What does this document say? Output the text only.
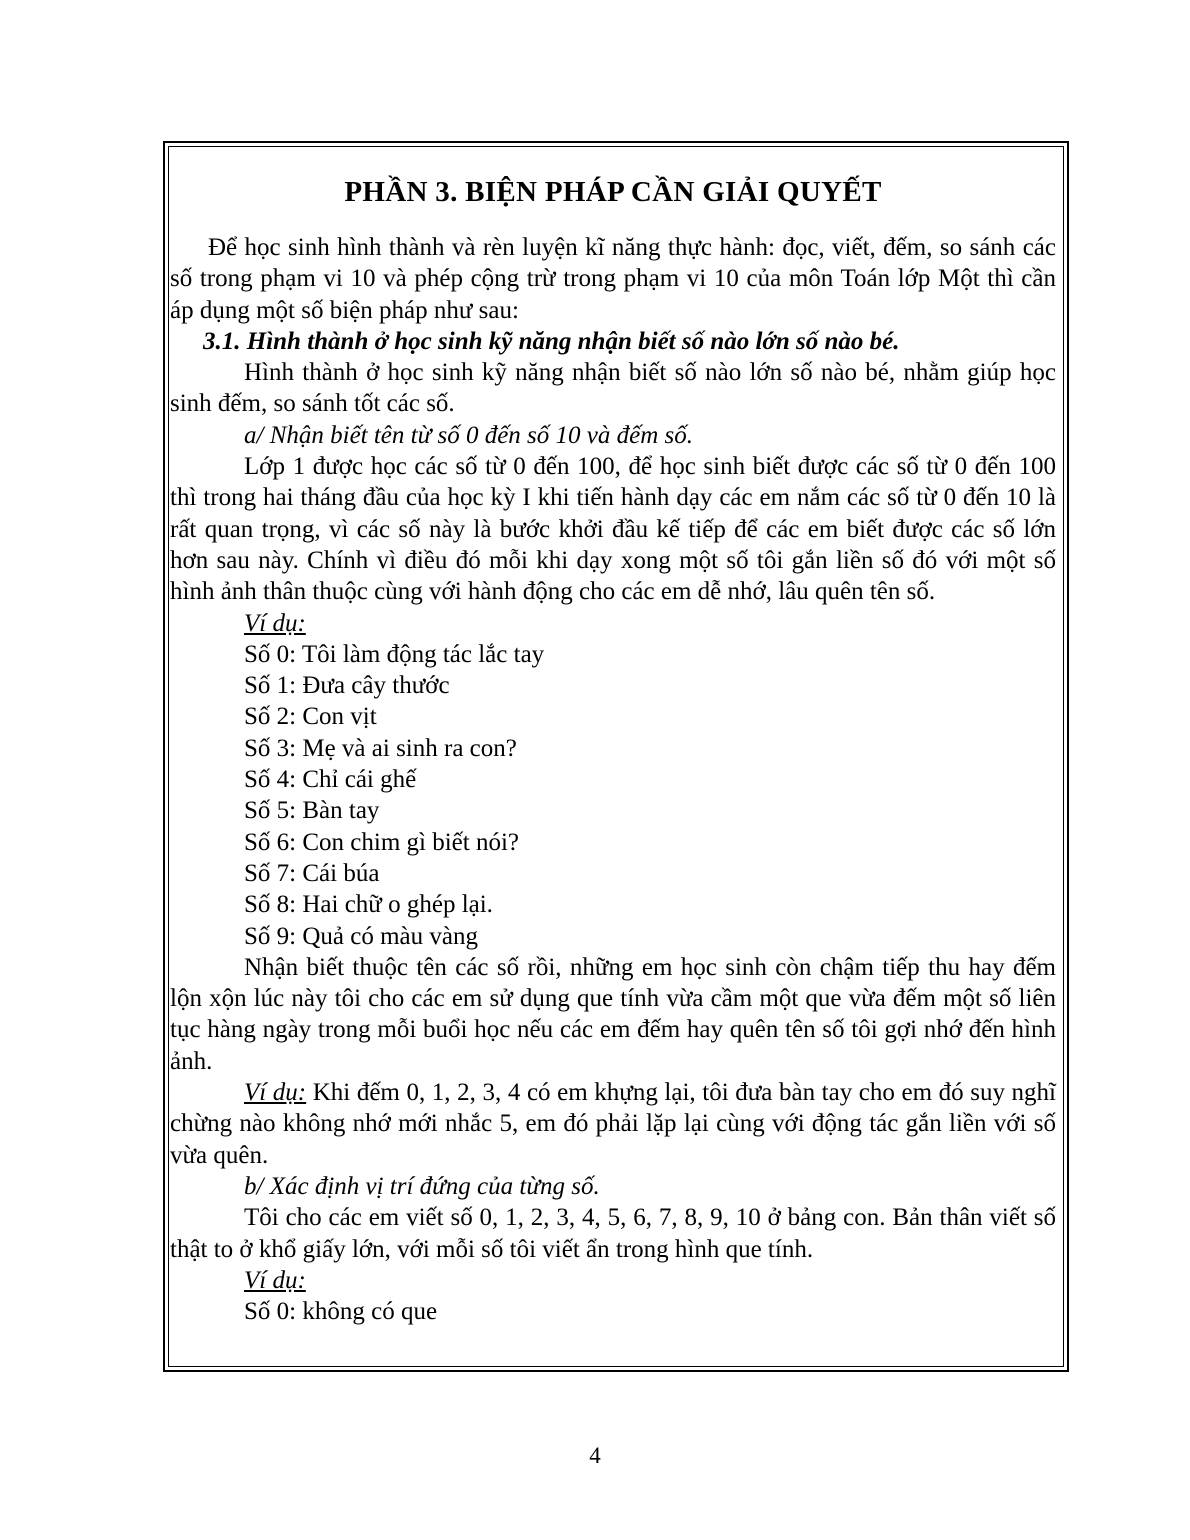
PHẦN 3. BIỆN PHÁP CẦN GIẢI QUYẾT

Để học sinh hình thành và rèn luyện kĩ năng thực hành: đọc, viết, đếm, so sánh các số trong phạm vi 10 và phép cộng trừ trong phạm vi 10 của môn Toán lớp Một thì cần áp dụng một số biện pháp như sau:

3.1. Hình thành ở học sinh kỹ năng nhận biết số nào lớn số nào bé.

Hình thành ở học sinh kỹ năng nhận biết số nào lớn số nào bé, nhằm giúp học sinh đếm, so sánh tốt các số.

a/ Nhận biết tên từ số 0 đến số 10 và đếm số.

Lớp 1 được học các số từ 0 đến 100, để học sinh biết được các số từ 0 đến 100 thì trong hai tháng đầu của học kỳ I khi tiến hành dạy các em nắm các số từ 0 đến 10 là rất quan trọng, vì các số này là bước khởi đầu kế tiếp để các em biết được các số lớn hơn sau này. Chính vì điều đó mỗi khi dạy xong một số tôi gắn liền số đó với một số hình ảnh thân thuộc cùng với hành động cho các em dễ nhớ, lâu quên tên số.

Ví dụ:

Số 0: Tôi làm động tác lắc tay

Số 1: Đưa cây thước

Số 2: Con vịt

Số 3: Mẹ và ai sinh ra con?

Số 4: Chỉ cái ghế

Số 5: Bàn tay

Số 6: Con chim gì biết nói?

Số 7: Cái búa

Số 8: Hai chữ o ghép lại.

Số 9: Quả có màu vàng

Nhận biết thuộc tên các số rồi, những em học sinh còn chậm tiếp thu hay đếm lộn xộn lúc này tôi cho các em sử dụng que tính vừa cầm một que vừa đếm một số liên tục hàng ngày trong mỗi buổi học nếu các em đếm hay quên tên số tôi gợi nhớ đến hình ảnh.

Ví dụ: Khi đếm 0, 1, 2, 3, 4 có em khựng lại, tôi đưa bàn tay cho em đó suy nghĩ chừng nào không nhớ mới nhắc 5, em đó phải lặp lại cùng với động tác gắn liền với số vừa quên.

b/ Xác định vị trí đứng của từng số.

Tôi cho các em viết số 0, 1, 2, 3, 4, 5, 6, 7, 8, 9, 10 ở bảng con. Bản thân viết số thật to ở khổ giấy lớn, với mỗi số tôi viết ẩn trong hình que tính.

Ví dụ:

Số 0: không có que

4
